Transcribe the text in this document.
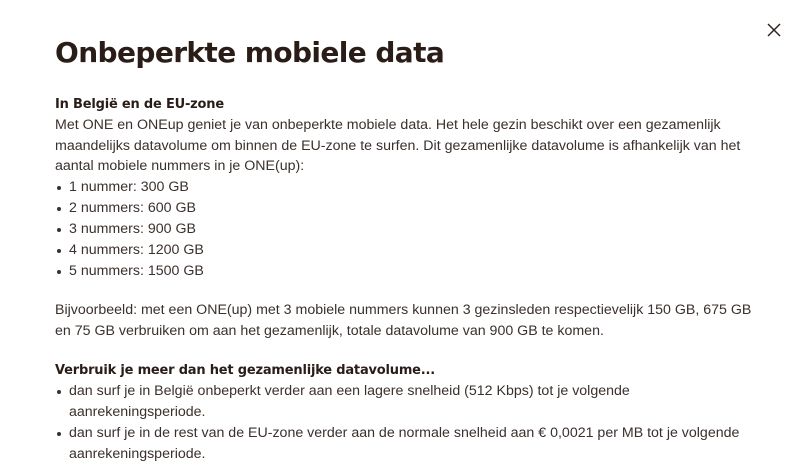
Onbeperkte mobiele data
In België en de EU-zone

Met ONE en ONEup geniet je van onbeperkte mobiele data. Het hele gezin beschikt over een gezamenlijk maandelijks datavolume om binnen de EU-zone te surfen. Dit gezamenlijke datavolume is afhankelijk van het aantal mobiele nummers in je ONE(up):

1 nummer: 300 GB
2 nummers: 600 GB
3 nummers: 900 GB
4 nummers: 1200 GB
5 nummers: 1500 GB

Bijvoorbeeld: met een ONE(up) met 3 mobiele nummers kunnen 3 gezinsleden respectievelijk 150 GB, 675 GB en 75 GB verbruiken om aan het gezamenlijk, totale datavolume van 900 GB te komen.

Verbruik je meer dan het gezamenlijke datavolume...
dan surf je in België onbeperkt verder aan een lagere snelheid (512 Kbps) tot je volgende aanrekeningsperiode.
dan surf je in de rest van de EU-zone verder aan de normale snelheid aan € 0,0021 per MB tot je volgende aanrekeningsperiode.
